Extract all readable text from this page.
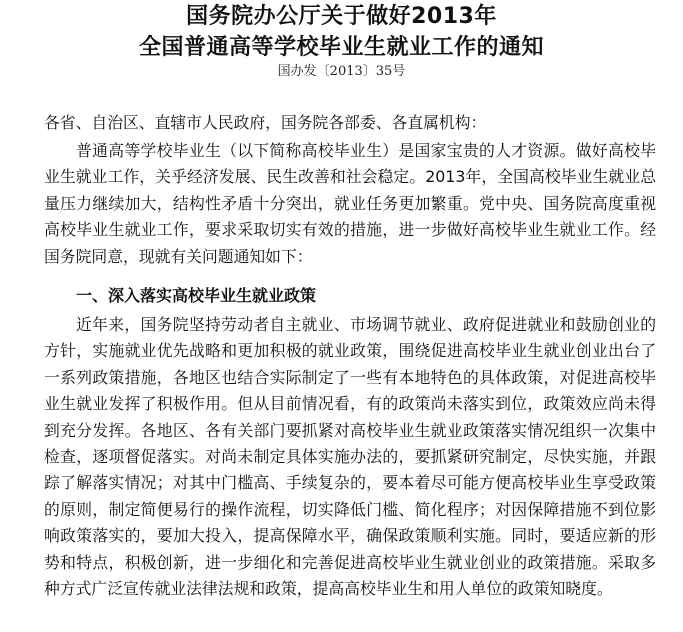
国务院办公厅关于做好2013年
全国普通高等学校毕业生就业工作的通知
国办发〔2013〕35号
各省、自治区、直辖市人民政府，国务院各部委、各直属机构：
普通高等学校毕业生（以下简称高校毕业生）是国家宝贵的人才资源。做好高校毕业生就业工作，关乎经济发展、民生改善和社会稳定。2013年，全国高校毕业生就业总量压力继续加大，结构性矛盾十分突出，就业任务更加繁重。党中央、国务院高度重视高校毕业生就业工作，要求采取切实有效的措施，进一步做好高校毕业生就业工作。经国务院同意，现就有关问题通知如下：
一、深入落实高校毕业生就业政策
近年来，国务院坚持劳动者自主就业、市场调节就业、政府促进就业和鼓励创业的方针，实施就业优先战略和更加积极的就业政策，围绕促进高校毕业生就业创业出台了一系列政策措施，各地区也结合实际制定了一些有本地特色的具体政策，对促进高校毕业生就业发挥了积极作用。但从目前情况看，有的政策尚未落实到位，政策效应尚未得到充分发挥。各地区、各有关部门要抓紧对高校毕业生就业政策落实情况组织一次集中检查，逐项督促落实。对尚未制定具体实施办法的，要抓紧研究制定，尽快实施，并跟踪了解落实情况；对其中门槛高、手续复杂的，要本着尽可能方便高校毕业生享受政策的原则，制定简便易行的操作流程，切实降低门槛、简化程序；对因保障措施不到位影响政策落实的，要加大投入，提高保障水平，确保政策顺利实施。同时，要适应新的形势和特点，积极创新，进一步细化和完善促进高校毕业生就业创业的政策措施。采取多种方式广泛宣传就业法律法规和政策，提高高校毕业生和用人单位的政策知晓度。
